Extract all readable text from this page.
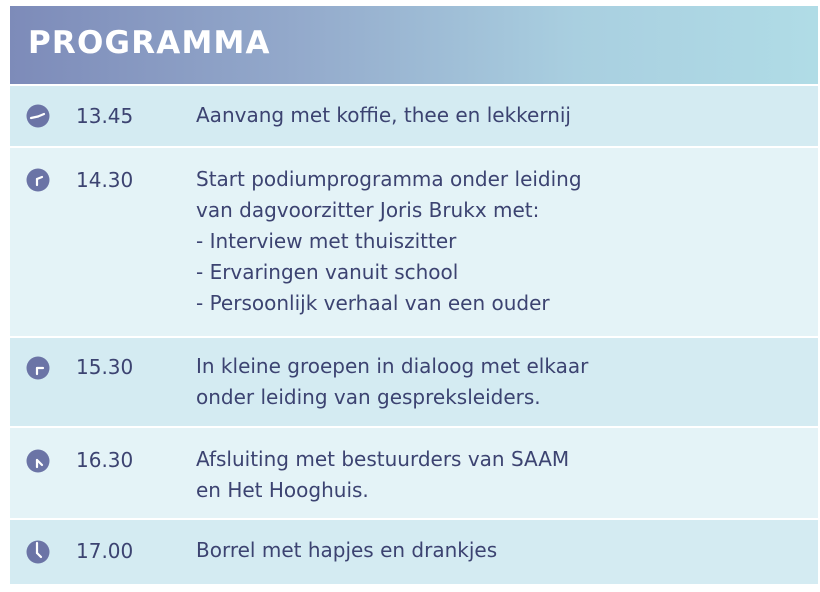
PROGRAMMA
13.45	Aanvang met koffie, thee en lekkernij
14.30	Start podiumprogramma onder leiding
van dagvoorzitter Joris Brukx met:
- Interview met thuiszitter
- Ervaringen vanuit school
- Persoonlijk verhaal van een ouder
15.30	In kleine groepen in dialoog met elkaar
onder leiding van gespreksleiders.
16.30	Afsluiting met bestuurders van SAAM
en Het Hooghuis.
17.00	Borrel met hapjes en drankjes
